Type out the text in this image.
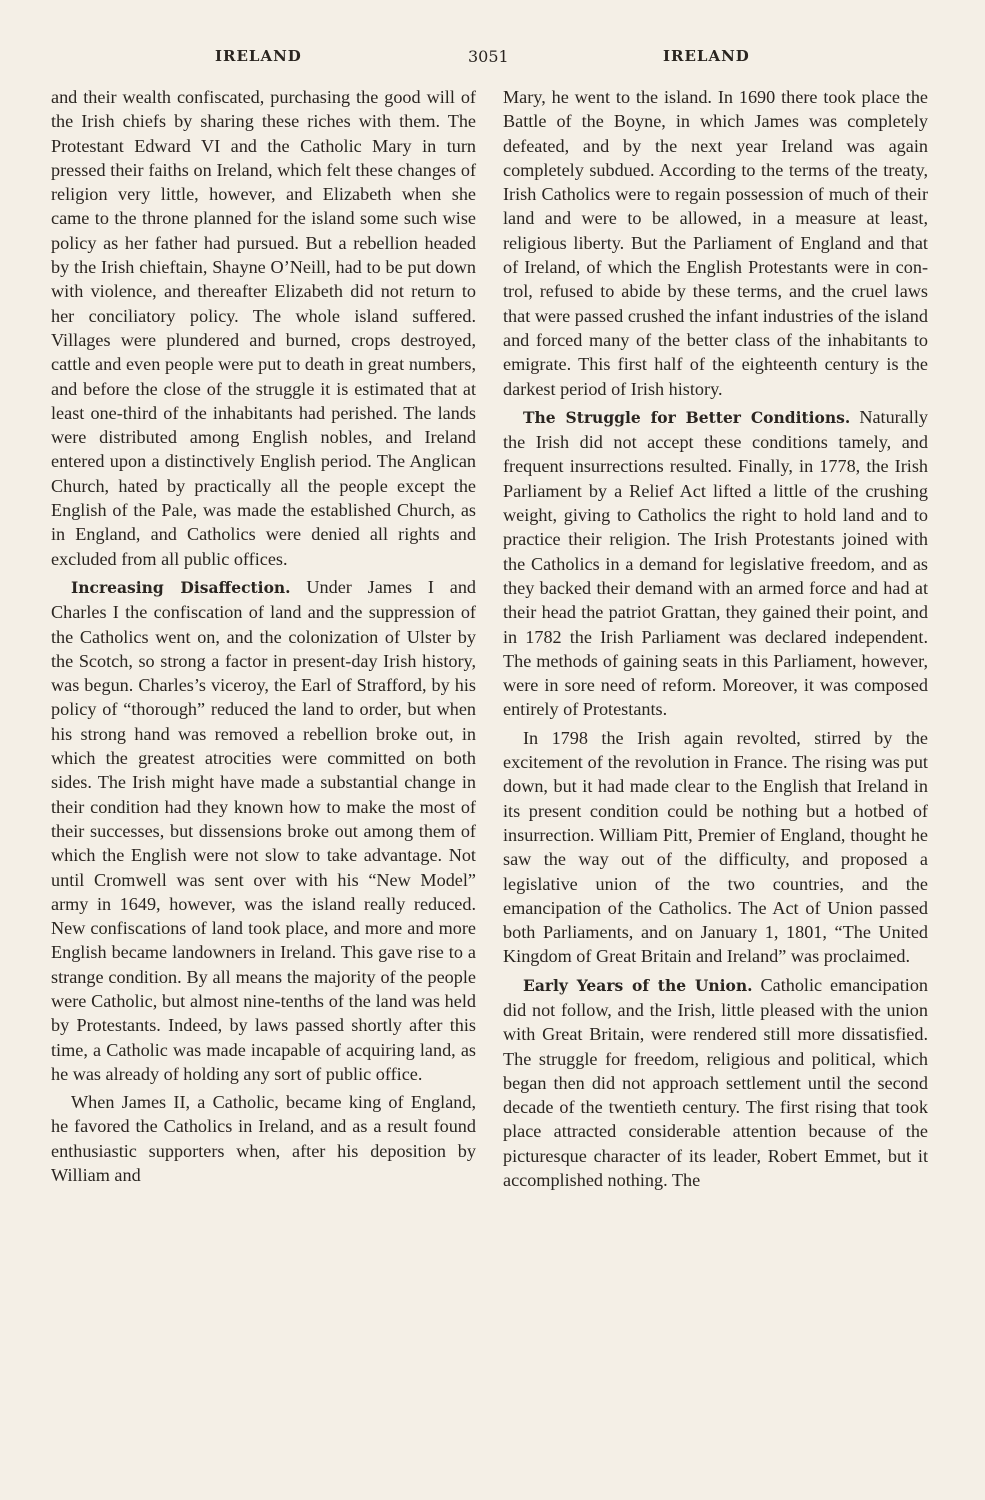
IRELAND	3051	IRELAND

and their wealth confiscated, purchasing the good will of the Irish chiefs by sharing these riches with them. The Protestant Edward VI and the Catholic Mary in turn pressed their faiths on Ireland, which felt these changes of religion very little, however, and Elizabeth when she came to the throne planned for the island some such wise policy as her father had pursued. But a rebellion headed by the Irish chieftain, Shayne O’Neill, had to be put down with violence, and thereafter Elizabeth did not return to her conciliatory policy. The whole island suffered. Villages were plundered and burned, crops destroyed, cattle and even people were put to death in great numbers, and before the close of the struggle it is estimated that at least one-third of the inhabitants had perished. The lands were distributed among English nobles, and Ireland entered upon a distinctively English period. The Anglican Church, hated by practically all the people except the English of the Pale, was made the established Church, as in England, and Catholics were denied all rights and excluded from all public offices.

Increasing Disaffection. Under James I and Charles I the confiscation of land and the suppression of the Catholics went on, and the colonization of Ulster by the Scotch, so strong a factor in present-day Irish history, was begun. Charles’s viceroy, the Earl of Strafford, by his policy of “thorough” reduced the land to order, but when his strong hand was removed a rebellion broke out, in which the greatest atrocities were committed on both sides. The Irish might have made a substantial change in their condition had they known how to make the most of their successes, but dissensions broke out among them of which the English were not slow to take advantage. Not until Cromwell was sent over with his “New Model” army in 1649, however, was the island really reduced. New confiscations of land took place, and more and more English became landowners in Ireland. This gave rise to a strange condition. By all means the majority of the people were Catholic, but almost nine-tenths of the land was held by Protestants. Indeed, by laws passed shortly after this time, a Catholic was made incapable of acquiring land, as he was already of holding any sort of public office.

When James II, a Catholic, became king of England, he favored the Catholics in Ireland, and as a result found enthusiastic supporters when, after his deposition by William and

Mary, he went to the island. In 1690 there took place the Battle of the Boyne, in which James was completely defeated, and by the next year Ireland was again completely subdued. According to the terms of the treaty, Irish Catholics were to regain possession of much of their land and were to be allowed, in a measure at least, religious liberty. But the Parliament of England and that of Ireland, of which the English Protestants were in control, refused to abide by these terms, and the cruel laws that were passed crushed the infant industries of the island and forced many of the better class of the inhabitants to emigrate. This first half of the eighteenth century is the darkest period of Irish history.

The Struggle for Better Conditions. Naturally the Irish did not accept these conditions tamely, and frequent insurrections resulted. Finally, in 1778, the Irish Parliament by a Relief Act lifted a little of the crushing weight, giving to Catholics the right to hold land and to practice their religion. The Irish Protestants joined with the Catholics in a demand for legislative freedom, and as they backed their demand with an armed force and had at their head the patriot Grattan, they gained their point, and in 1782 the Irish Parliament was declared independent. The methods of gaining seats in this Parliament, however, were in sore need of reform. Moreover, it was composed entirely of Protestants.

In 1798 the Irish again revolted, stirred by the excitement of the revolution in France. The rising was put down, but it had made clear to the English that Ireland in its present condition could be nothing but a hotbed of insurrection. William Pitt, Premier of England, thought he saw the way out of the difficulty, and proposed a legislative union of the two countries, and the emancipation of the Catholics. The Act of Union passed both Parliaments, and on January 1, 1801, “The United Kingdom of Great Britain and Ireland” was proclaimed.

Early Years of the Union. Catholic emancipation did not follow, and the Irish, little pleased with the union with Great Britain, were rendered still more dissatisfied. The struggle for freedom, religious and political, which began then did not approach settlement until the second decade of the twentieth century. The first rising that took place attracted considerable attention because of the picturesque character of its leader, Robert Emmet, but it accomplished nothing. The
